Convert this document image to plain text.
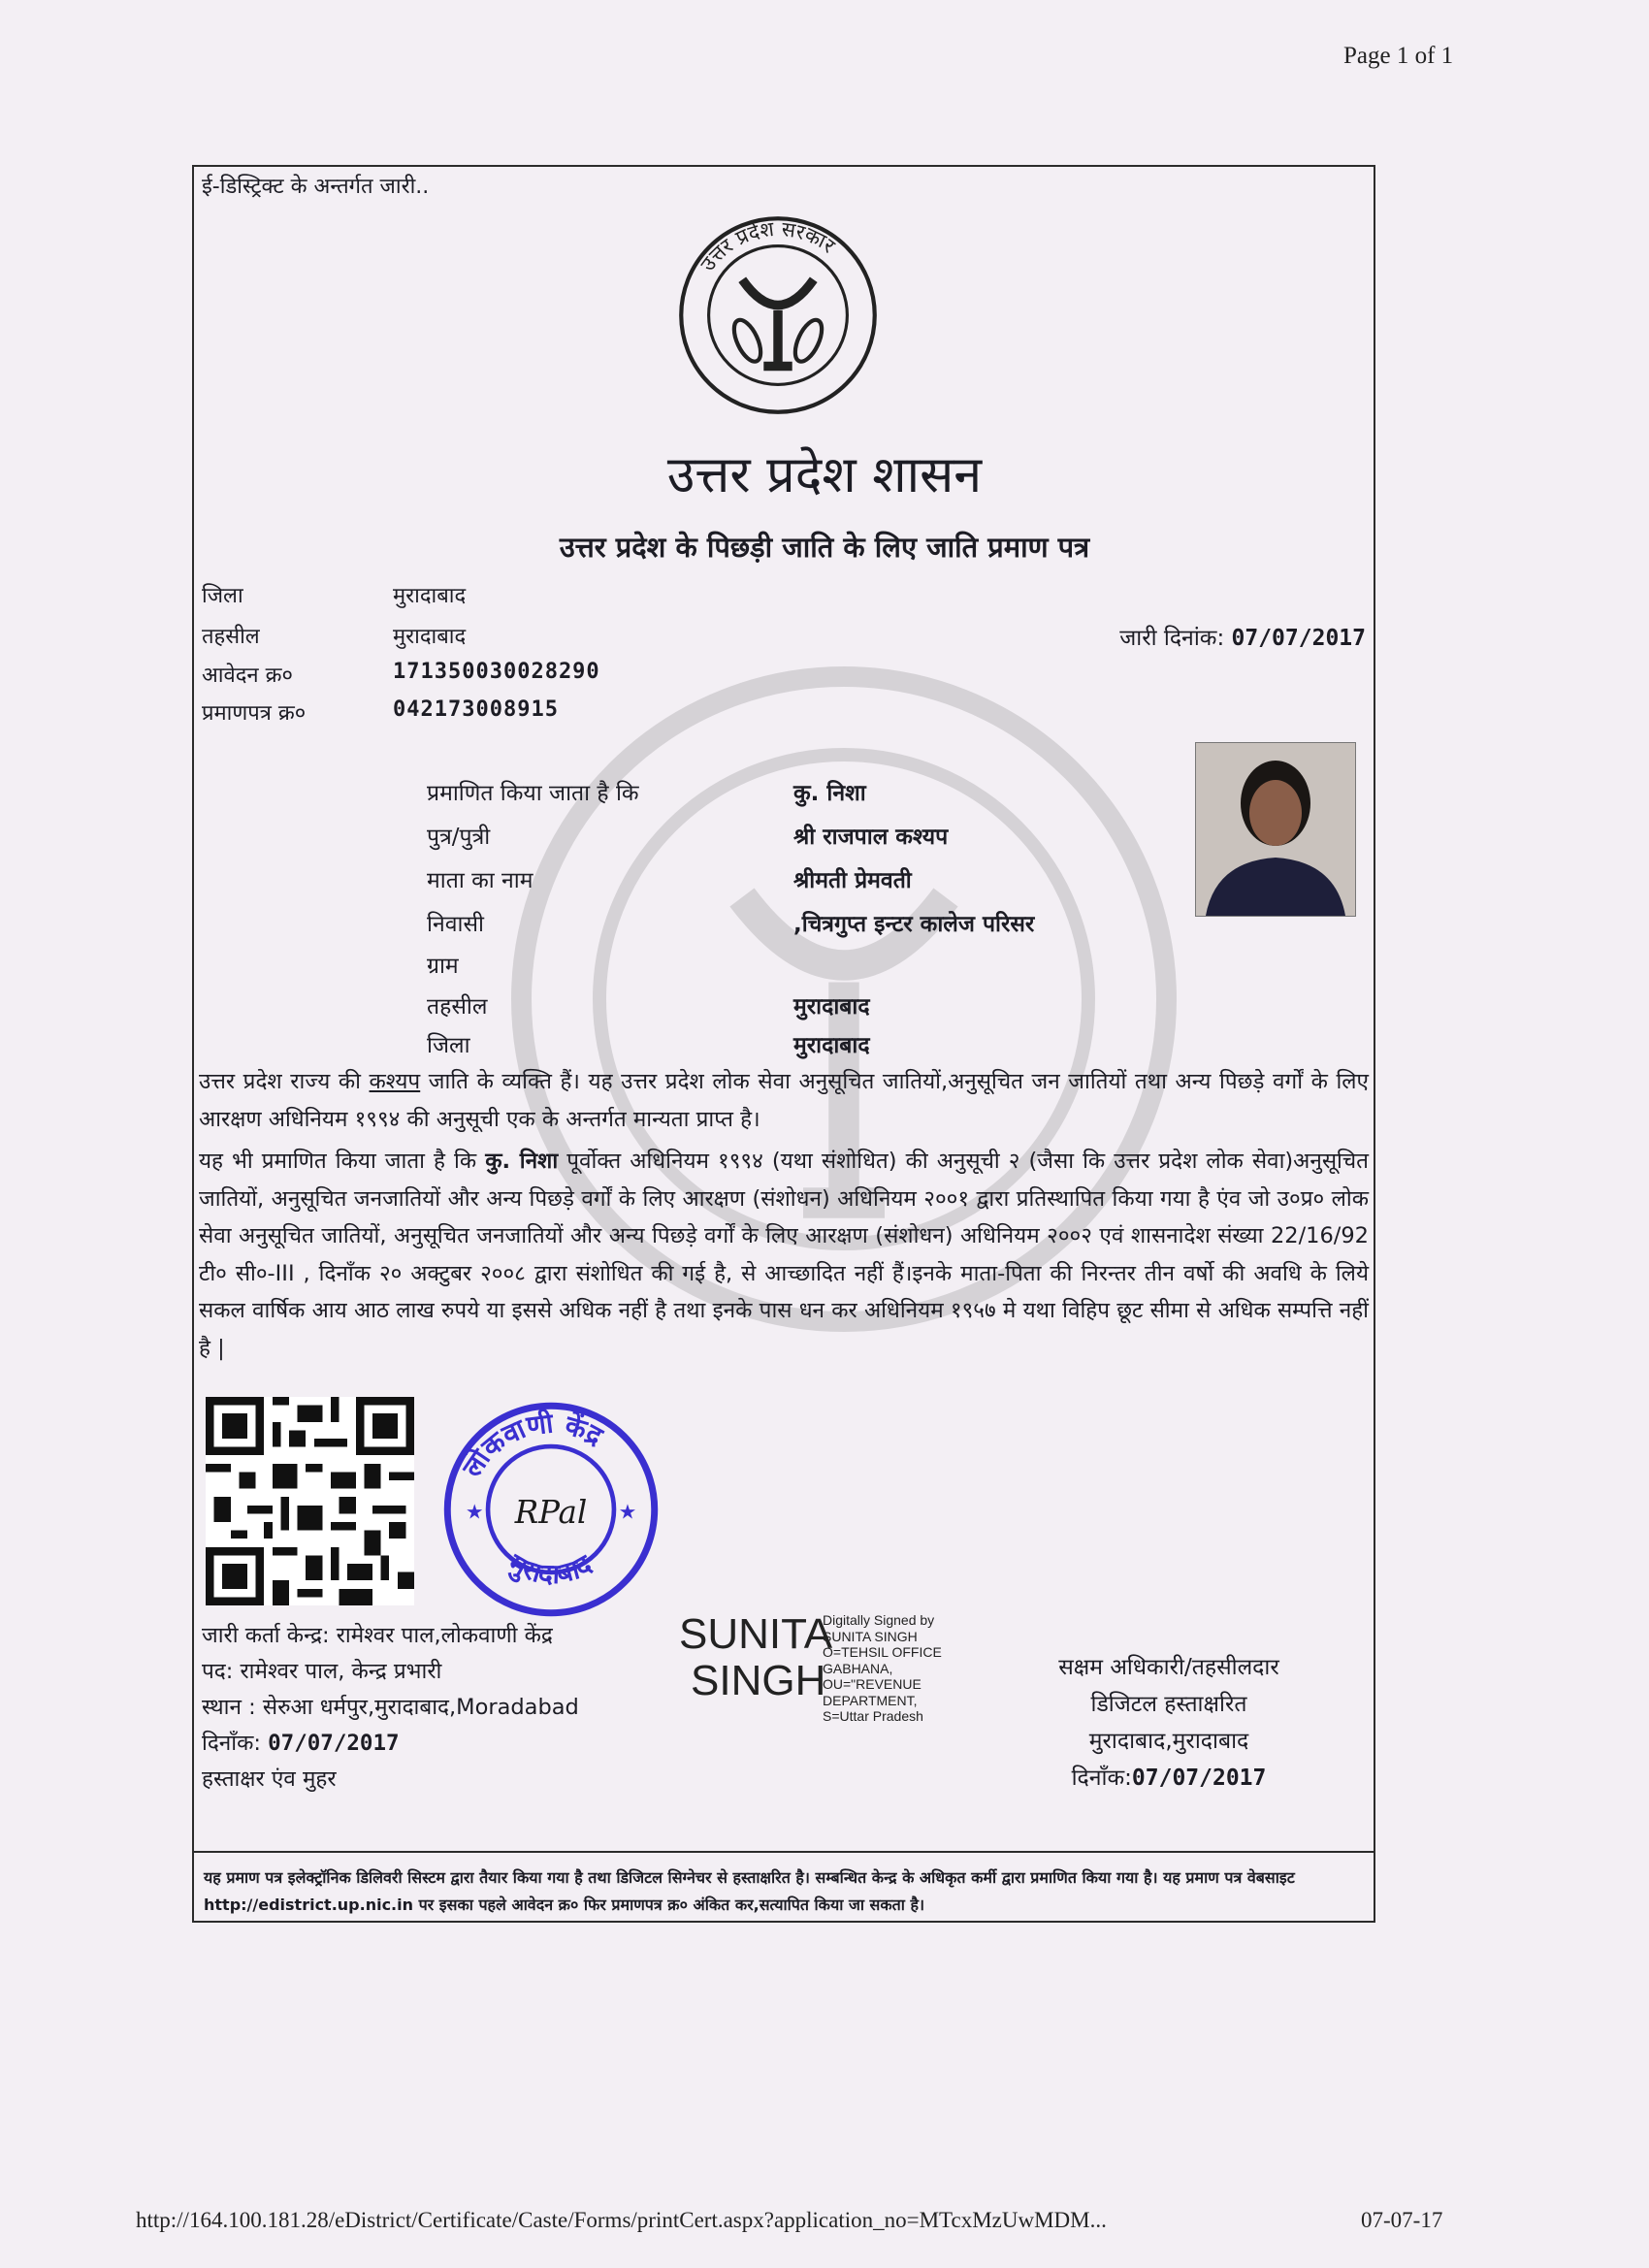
Page 1 of 1
ई-डिस्ट्रिक्ट के अन्तर्गत जारी..
उत्तर प्रदेश सरकार
उत्तर प्रदेश शासन
उत्तर प्रदेश के पिछड़ी जाति के लिए जाति प्रमाण पत्र
जिला	मुरादाबाद
तहसील	मुरादाबाद
आवेदन क्र०	171350030028290
प्रमाणपत्र क्र०	042173008915
जारी दिनांक: 07/07/2017
प्रमाणित किया जाता है कि	कु. निशा
पुत्र/पुत्री	श्री राजपाल कश्यप
माता का नाम	श्रीमती प्रेमवती
निवासी	,चित्रगुप्त इन्टर कालेज परिसर
ग्राम
तहसील	मुरादाबाद
जिला	मुरादाबाद
उत्तर प्रदेश राज्य की कश्यप जाति के व्यक्ति हैं। यह उत्तर प्रदेश लोक सेवा अनुसूचित जातियों,अनुसूचित जन जातियों तथा अन्य पिछड़े वर्गों के लिए आरक्षण अधिनियम १९९४ की अनुसूची एक के अन्तर्गत मान्यता प्राप्त है।
यह भी प्रमाणित किया जाता है कि कु. निशा पूर्वोक्त अधिनियम १९९४ (यथा संशोधित) की अनुसूची २ (जैसा कि उत्तर प्रदेश लोक सेवा)अनुसूचित जातियों, अनुसूचित जनजातियों और अन्य पिछड़े वर्गों के लिए आरक्षण (संशोधन) अधिनियम २००१ द्वारा प्रतिस्थापित किया गया है एंव जो उ०प्र० लोक सेवा अनुसूचित जातियों, अनुसूचित जनजातियों और अन्य पिछड़े वर्गों के लिए आरक्षण (संशोधन) अधिनियम २००२ एवं शासनादेश संख्या 22/16/92 टी० सी०-III , दिनाँक २० अक्टुबर २००८ द्वारा संशोधित की गई है, से आच्छादित नहीं हैं।इनके माता-पिता की निरन्तर तीन वर्षो की अवधि के लिये सकल वार्षिक आय आठ लाख रुपये या इससे अधिक नहीं है तथा इनके पास धन कर अधिनियम १९५७ मे यथा विहिप छूट सीमा से अधिक सम्पत्ति नहीं है |
लोकवाणी केंद्र
मुरादाबाद
★	★
RPal
जारी कर्ता केन्द्र: रामेश्वर पाल,लोकवाणी केंद्र
पद: रामेश्वर पाल, केन्द्र प्रभारी
स्थान : सेरुआ धर्मपुर,मुरादाबाद,Moradabad
दिनाँक: 07/07/2017
हस्ताक्षर एंव मुहर
SUNITA
SINGH
Digitally Signed by
SUNITA SINGH
O=TEHSIL OFFICE
GABHANA,
OU="REVENUE
DEPARTMENT,
S=Uttar Pradesh
सक्षम अधिकारी/तहसीलदार
डिजिटल हस्ताक्षरित
मुरादाबाद,मुरादाबाद
दिनाँक:07/07/2017
यह प्रमाण पत्र इलेक्ट्रॉनिक डिलिवरी सिस्टम द्वारा तैयार किया गया है तथा डिजिटल सिग्नेचर से हस्ताक्षरित है। सम्बन्धित केन्द्र के अधिकृत कर्मी द्वारा प्रमाणित किया गया है। यह प्रमाण पत्र वेबसाइट http://edistrict.up.nic.in पर इसका पहले आवेदन क्र० फिर प्रमाणपत्र क्र० अंकित कर,सत्यापित किया जा सकता है।
http://164.100.181.28/eDistrict/Certificate/Caste/Forms/printCert.aspx?application_no=MTcxMzUwMDM...	07-07-17
